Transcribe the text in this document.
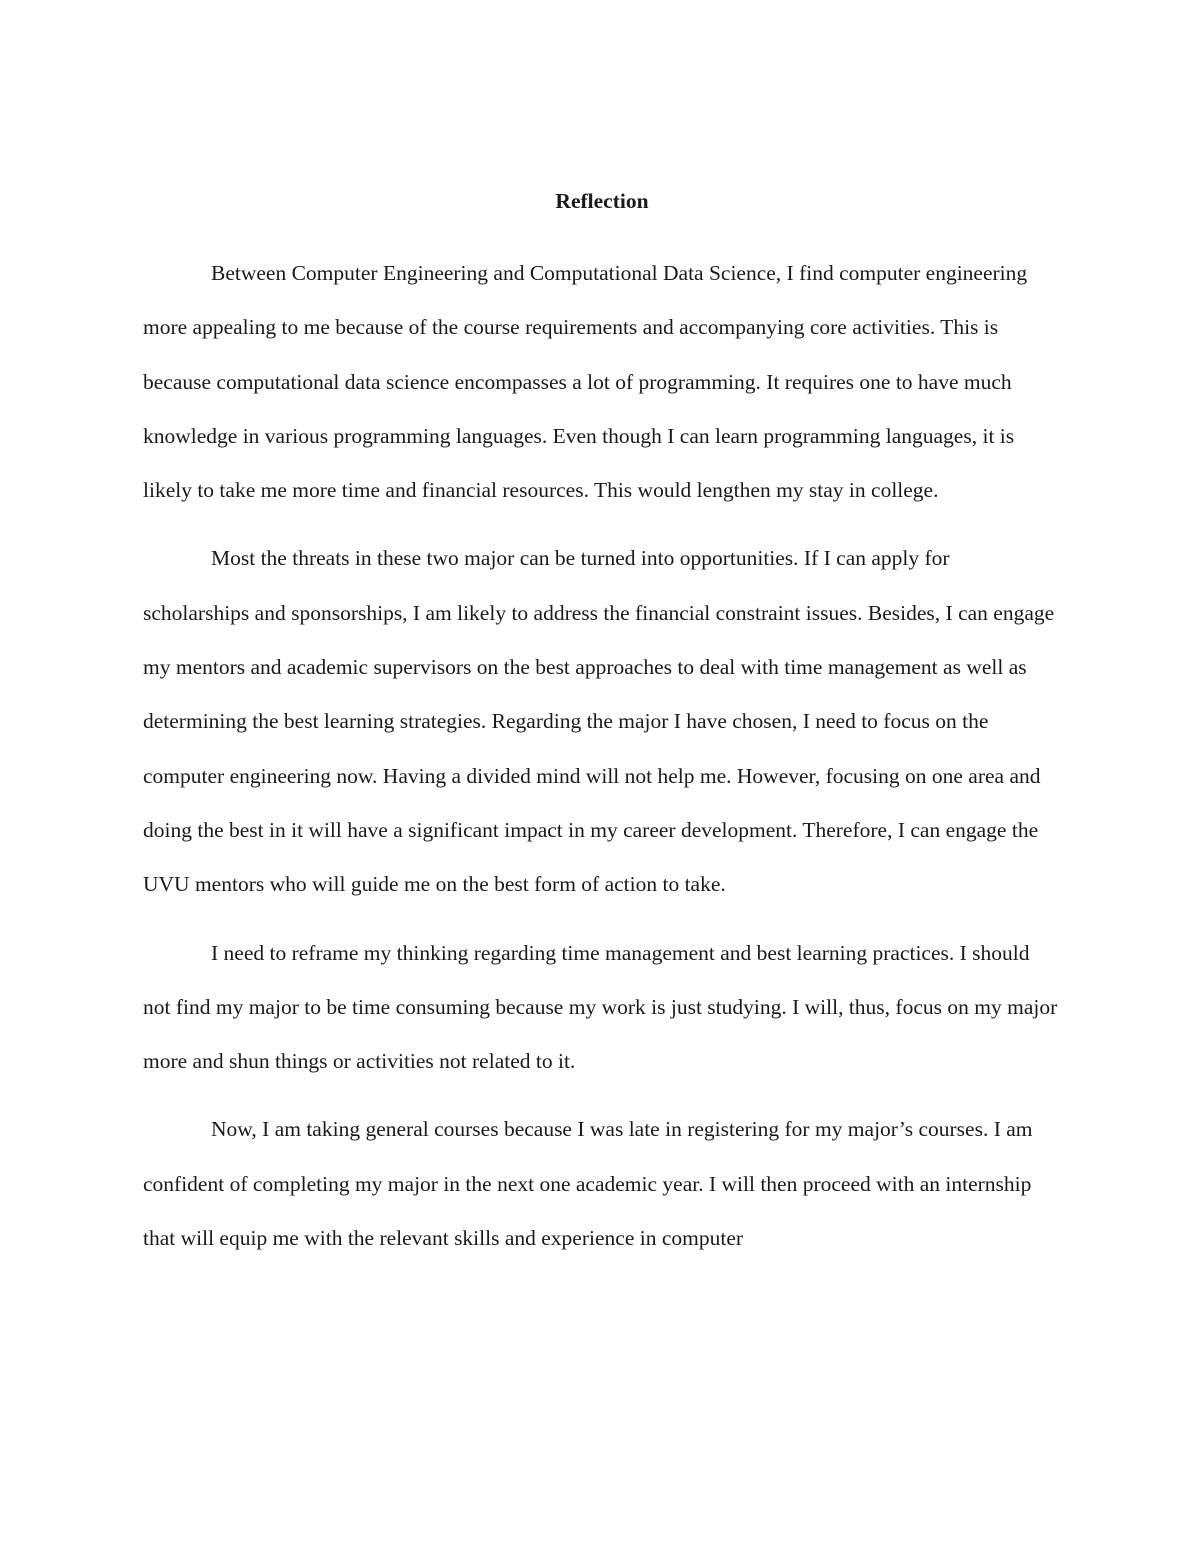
Reflection

Between Computer Engineering and Computational Data Science, I find computer engineering more appealing to me because of the course requirements and accompanying core activities. This is because computational data science encompasses a lot of programming. It requires one to have much knowledge in various programming languages. Even though I can learn programming languages, it is likely to take me more time and financial resources. This would lengthen my stay in college.

Most the threats in these two major can be turned into opportunities. If I can apply for scholarships and sponsorships, I am likely to address the financial constraint issues. Besides, I can engage my mentors and academic supervisors on the best approaches to deal with time management as well as determining the best learning strategies. Regarding the major I have chosen, I need to focus on the computer engineering now. Having a divided mind will not help me. However, focusing on one area and doing the best in it will have a significant impact in my career development. Therefore, I can engage the UVU mentors who will guide me on the best form of action to take.

I need to reframe my thinking regarding time management and best learning practices. I should not find my major to be time consuming because my work is just studying. I will, thus, focus on my major more and shun things or activities not related to it.

Now, I am taking general courses because I was late in registering for my major’s courses. I am confident of completing my major in the next one academic year. I will then proceed with an internship that will equip me with the relevant skills and experience in computer
